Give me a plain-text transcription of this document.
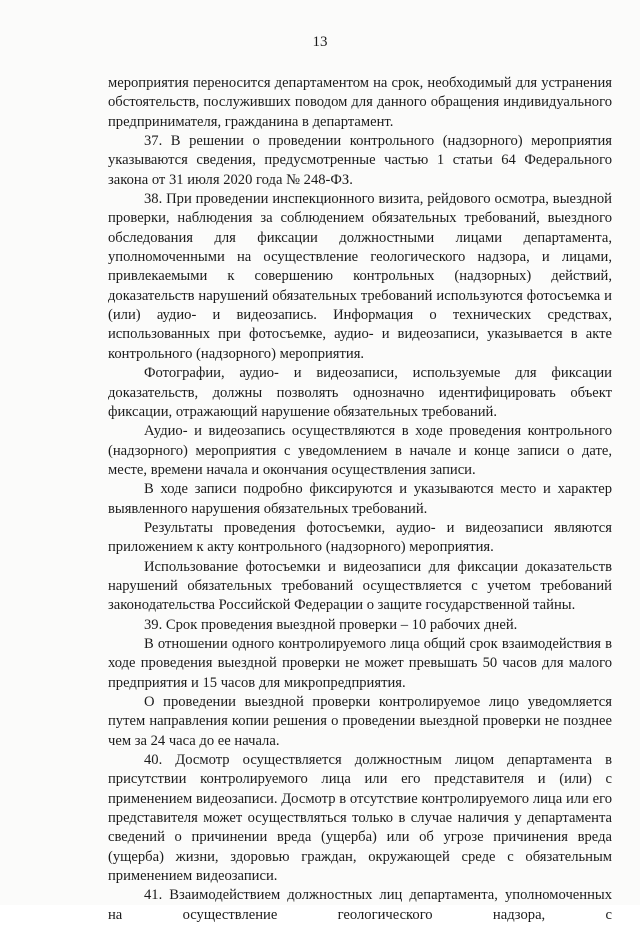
13

мероприятия переносится департаментом на срок, необходимый для устранения обстоятельств, послуживших поводом для данного обращения индивидуального предпринимателя, гражданина в департамент.

37. В решении о проведении контрольного (надзорного) мероприятия указываются сведения, предусмотренные частью 1 статьи 64 Федерального закона от 31 июля 2020 года № 248-ФЗ.

38. При проведении инспекционного визита, рейдового осмотра, выездной проверки, наблюдения за соблюдением обязательных требований, выездного обследования для фиксации должностными лицами департамента, уполномоченными на осуществление геологического надзора, и лицами, привлекаемыми к совершению контрольных (надзорных) действий, доказательств нарушений обязательных требований используются фотосъемка и (или) аудио- и видеозапись. Информация о технических средствах, использованных при фотосъемке, аудио- и видеозаписи, указывается в акте контрольного (надзорного) мероприятия.

Фотографии, аудио- и видеозаписи, используемые для фиксации доказательств, должны позволять однозначно идентифицировать объект фиксации, отражающий нарушение обязательных требований.

Аудио- и видеозапись осуществляются в ходе проведения контрольного (надзорного) мероприятия с уведомлением в начале и конце записи о дате, месте, времени начала и окончания осуществления записи.

В ходе записи подробно фиксируются и указываются место и характер выявленного нарушения обязательных требований.

Результаты проведения фотосъемки, аудио- и видеозаписи являются приложением к акту контрольного (надзорного) мероприятия.

Использование фотосъемки и видеозаписи для фиксации доказательств нарушений обязательных требований осуществляется с учетом требований законодательства Российской Федерации о защите государственной тайны.

39. Срок проведения выездной проверки – 10 рабочих дней.

В отношении одного контролируемого лица общий срок взаимодействия в ходе проведения выездной проверки не может превышать 50 часов для малого предприятия и 15 часов для микропредприятия.

О проведении выездной проверки контролируемое лицо уведомляется путем направления копии решения о проведении выездной проверки не позднее чем за 24 часа до ее начала.

40. Досмотр осуществляется должностным лицом департамента в присутствии контролируемого лица или его представителя и (или) с применением видеозаписи. Досмотр в отсутствие контролируемого лица или его представителя может осуществляться только в случае наличия у департамента сведений о причинении вреда (ущерба) или об угрозе причинения вреда (ущерба) жизни, здоровью граждан, окружающей среде с обязательным применением видеозаписи.

41. Взаимодействием должностных лиц департамента, уполномоченных на осуществление геологического надзора, с
